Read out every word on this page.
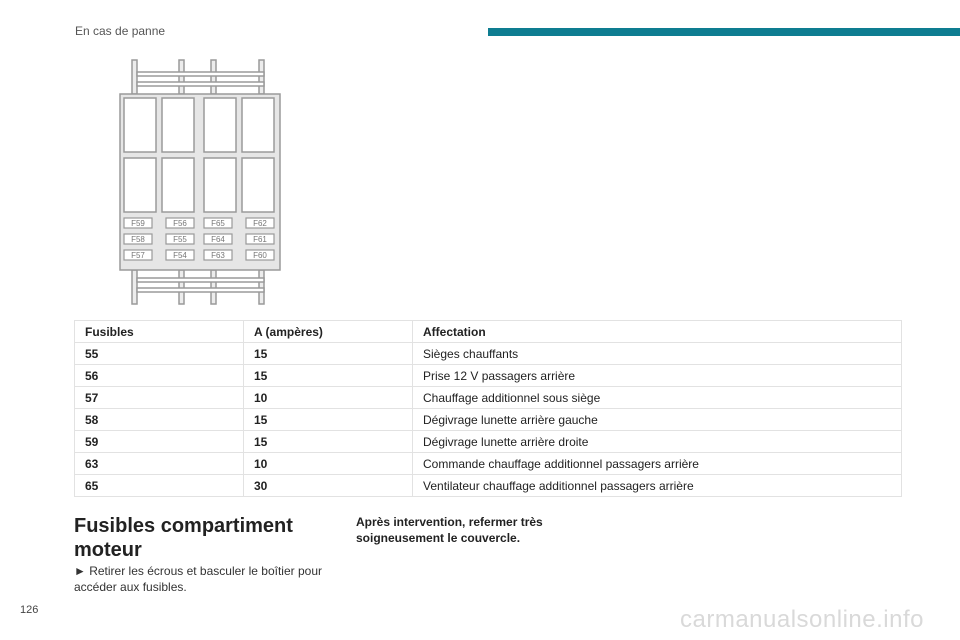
En cas de panne
F59	F56	F65	F62
F58	F55	F64	F61
F57	F54	F63	F60
Fusibles	A (ampères)	Affectation
55	15	Sièges chauffants
56	15	Prise 12 V passagers arrière
57	10	Chauffage additionnel sous siège
58	15	Dégivrage lunette arrière gauche
59	15	Dégivrage lunette arrière droite
63	10	Commande chauffage additionnel passagers arrière
65	30	Ventilateur chauffage additionnel passagers arrière
Fusibles compartiment moteur

► Retirer les écrous et basculer le boîtier pour accéder aux fusibles.

Après intervention, refermer très soigneusement le couvercle.

126	carmanualsonline.info
